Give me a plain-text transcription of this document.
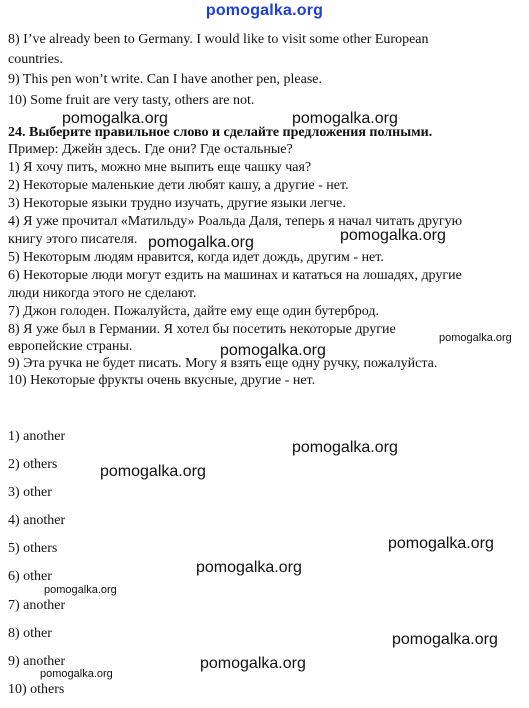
pomogalka.org
8) I’ve already been to Germany. I would like to visit some other European
countries.
9) This pen won’t write. Can I have another pen, please.
10) Some fruit are very tasty, others are not.
24. Выберите правильное слово и сделайте предложения полными.
Пример: Джейн здесь. Где они? Где остальные?
1) Я хочу пить, можно мне выпить еще чашку чая?
2) Некоторые маленькие дети любят кашу, а другие - нет.
3) Некоторые языки трудно изучать, другие языки легче.
4) Я уже прочитал «Матильду» Роальда Даля, теперь я начал читать другую
книгу этого писателя.
5) Некоторым людям нравится, когда идет дождь, другим - нет.
6) Некоторые люди могут ездить на машинах и кататься на лошадях, другие
люди никогда этого не сделают.
7) Джон голоден. Пожалуйста, дайте ему еще один бутерброд.
8) Я уже был в Германии. Я хотел бы посетить некоторые другие
европейские страны.
9) Эта ручка не будет писать. Могу я взять еще одну ручку, пожалуйста.
10) Некоторые фрукты очень вкусные, другие - нет.
1) another
2) others
3) other
4) another
5) others
6) other
7) another
8) other
9) another
10) others
pomogalka.org	pomogalka.org
pomogalka.org	pomogalka.org
pomogalka.org
pomogalka.org
pomogalka.org
pomogalka.org
pomogalka.org
pomogalka.org
pomogalka.org
pomogalka.org
pomogalka.org
pomogalka.org
